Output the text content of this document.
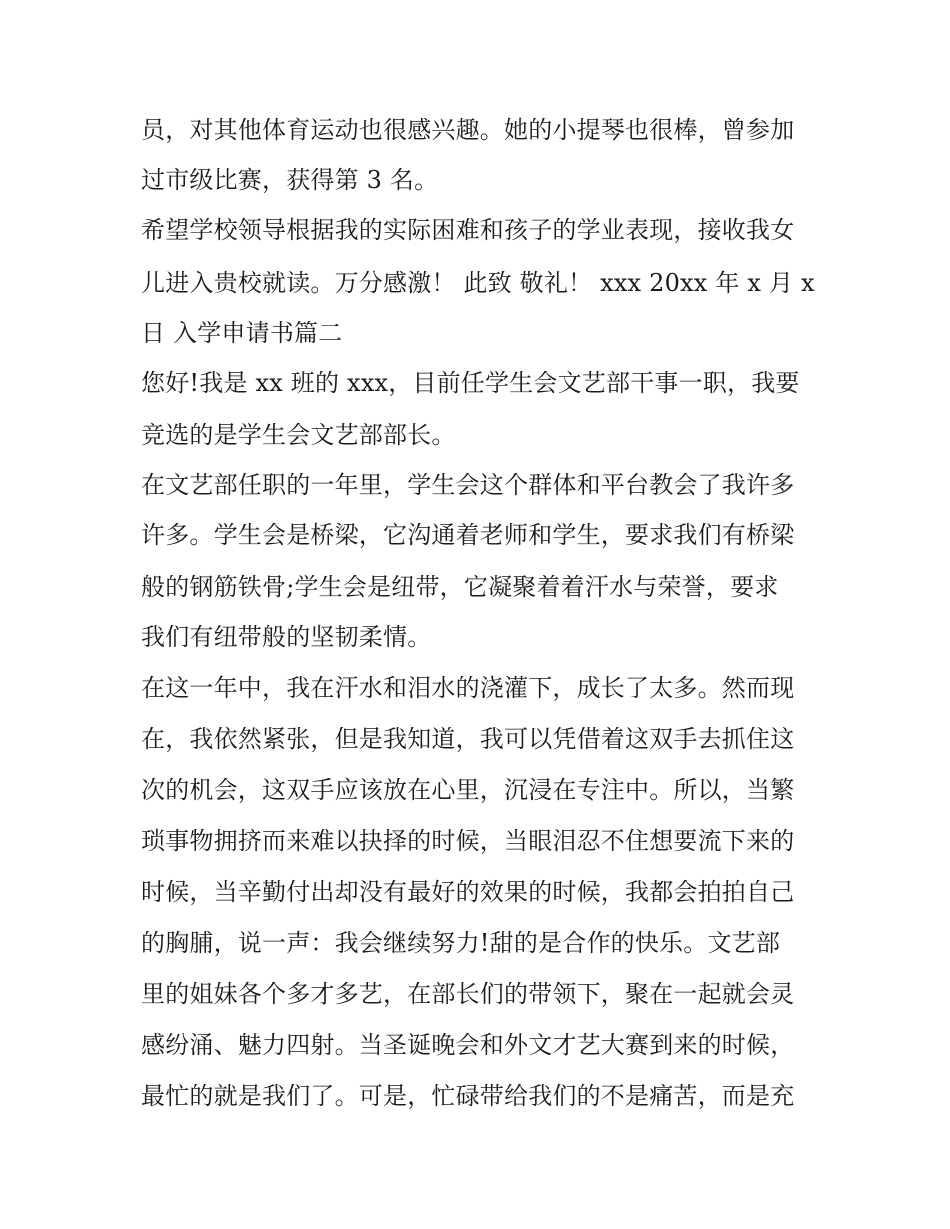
员，对其他体育运动也很感兴趣。她的小提琴也很棒，曾参加
过市级比赛，获得第 3 名。
希望学校领导根据我的实际困难和孩子的学业表现，接收我女
儿进入贵校就读。万分感激！ 此致 敬礼！ xxx 20xx 年 x 月 x
日 入学申请书篇二
您好!我是 xx 班的 xxx，目前任学生会文艺部干事一职，我要
竞选的是学生会文艺部部长。
在文艺部任职的一年里，学生会这个群体和平台教会了我许多
许多。学生会是桥梁，它沟通着老师和学生，要求我们有桥梁
般的钢筋铁骨;学生会是纽带，它凝聚着着汗水与荣誉，要求
我们有纽带般的坚韧柔情。
在这一年中，我在汗水和泪水的浇灌下，成长了太多。然而现
在，我依然紧张，但是我知道，我可以凭借着这双手去抓住这
次的机会，这双手应该放在心里，沉浸在专注中。所以，当繁
琐事物拥挤而来难以抉择的时候，当眼泪忍不住想要流下来的
时候，当辛勤付出却没有最好的效果的时候，我都会拍拍自己
的胸脯，说一声：我会继续努力!甜的是合作的快乐。文艺部
里的姐妹各个多才多艺，在部长们的带领下，聚在一起就会灵
感纷涌、魅力四射。当圣诞晚会和外文才艺大赛到来的时候，
最忙的就是我们了。可是，忙碌带给我们的不是痛苦，而是充
